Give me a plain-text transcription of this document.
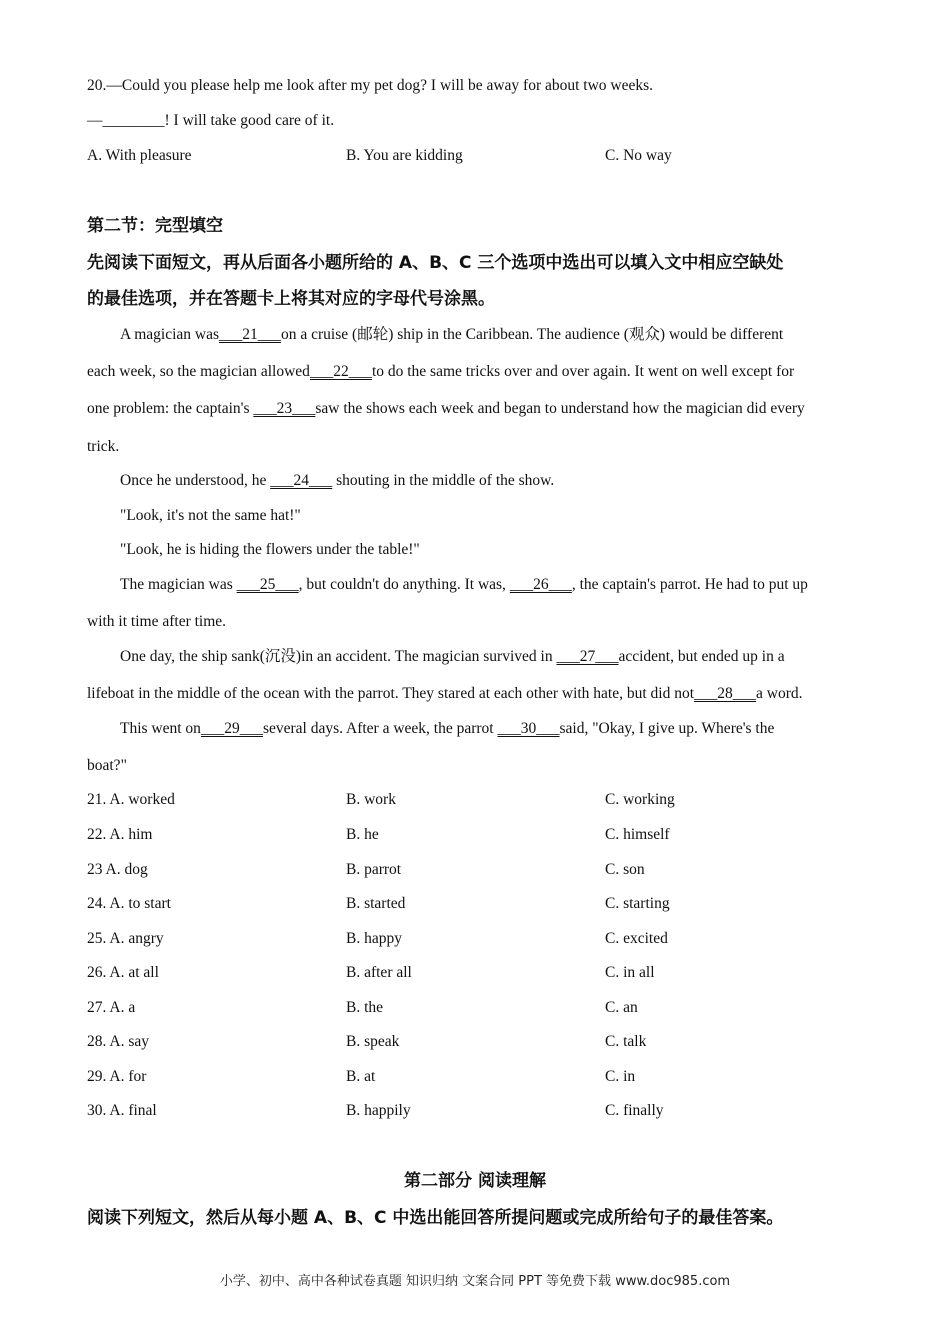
20.—Could you please help me look after my pet dog? I will be away for about two weeks.
—________! I will take good care of it.
A. With pleasure	B. You are kidding	C. No way
第二节：完型填空
先阅读下面短文，再从后面各小题所给的 A、B、C 三个选项中选出可以填入文中相应空缺处
的最佳选项，并在答题卡上将其对应的字母代号涂黑。
A magician was___21___on a cruise (邮轮) ship in the Caribbean. The audience (观众) would be different
each week, so the magician allowed___22___to do the same tricks over and over again. It went on well except for
one problem: the captain's ___23___saw the shows each week and began to understand how the magician did every
trick.
Once he understood, he ___24___ shouting in the middle of the show.
"Look, it's not the same hat!"
"Look, he is hiding the flowers under the table!"
The magician was ___25___, but couldn't do anything. It was, ___26___, the captain's parrot. He had to put up
with it time after time.
One day, the ship sank(沉没)in an accident. The magician survived in ___27___accident, but ended up in a
lifeboat in the middle of the ocean with the parrot. They stared at each other with hate, but did not___28___a word.
This went on___29___several days. After a week, the parrot ___30___said, "Okay, I give up. Where's the
boat?"
21. A. worked	B. work	C. working
22. A. him	B. he	C. himself
23 A. dog	B. parrot	C. son
24. A. to start	B. started	C. starting
25. A. angry	B. happy	C. excited
26. A. at all	B. after all	C. in all
27. A. a	B. the	C. an
28. A. say	B. speak	C. talk
29. A. for	B. at	C. in
30. A. final	B. happily	C. finally
第二部分 阅读理解
阅读下列短文，然后从每小题 A、B、C 中选出能回答所提问题或完成所给句子的最佳答案。
小学、初中、高中各种试卷真题 知识归纳 文案合同 PPT 等免费下载 www.doc985.com
